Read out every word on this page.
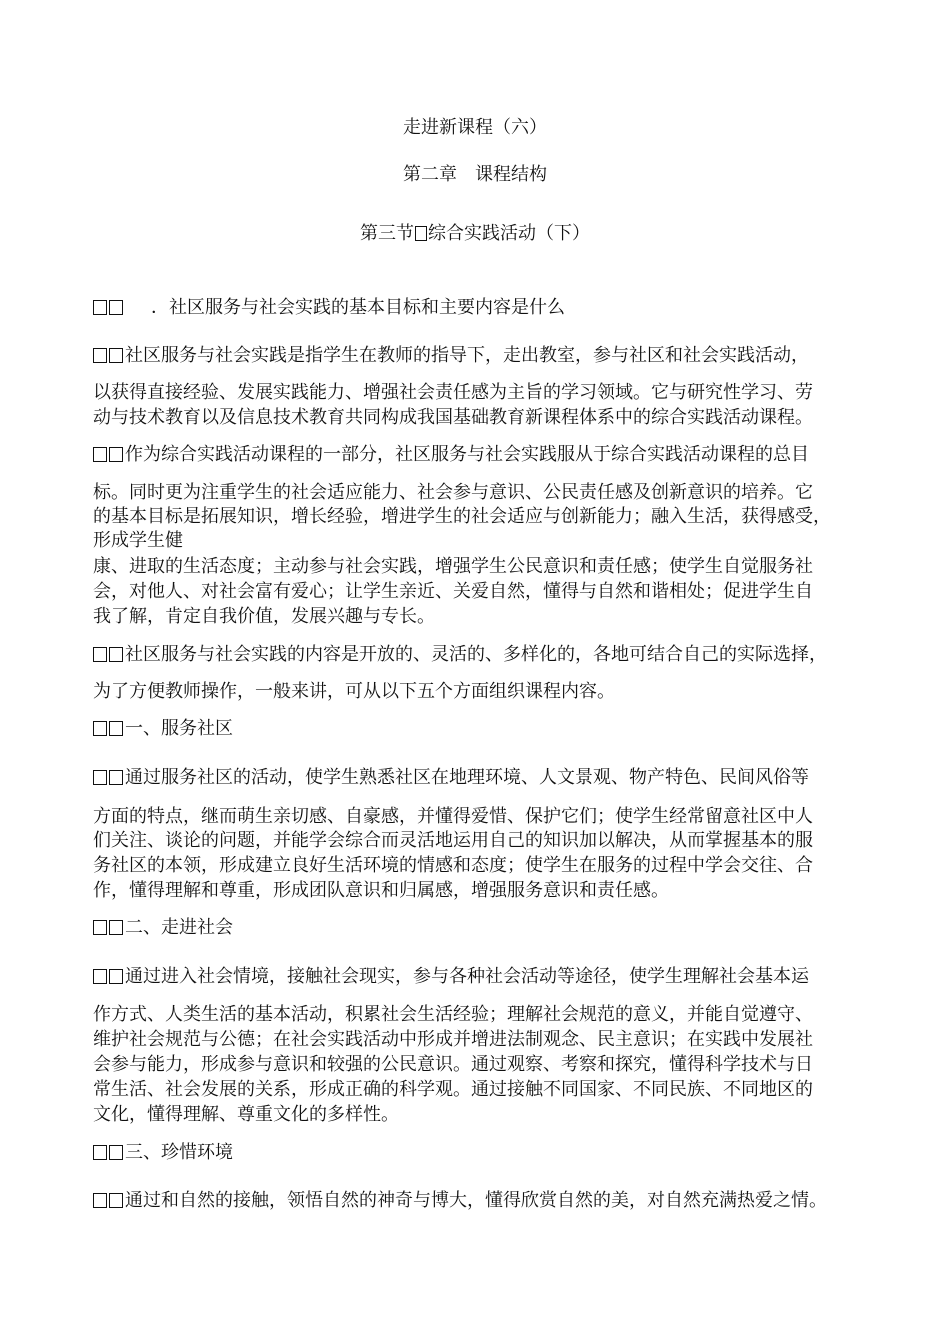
走进新课程（六）
第二章　课程结构
第三节 综合实践活动（下）
．社区服务与社会实践的基本目标和主要内容是什么
社区服务与社会实践是指学生在教师的指导下，走出教室，参与社区和社会实践活动，
以获得直接经验、发展实践能力、增强社会责任感为主旨的学习领域。它与研究性学习、劳
动与技术教育以及信息技术教育共同构成我国基础教育新课程体系中的综合实践活动课程。
作为综合实践活动课程的一部分，社区服务与社会实践服从于综合实践活动课程的总目
标。同时更为注重学生的社会适应能力、社会参与意识、公民责任感及创新意识的培养。它
的基本目标是拓展知识，增长经验，增进学生的社会适应与创新能力；融入生活，获得感受，
形成学生健
康、进取的生活态度；主动参与社会实践，增强学生公民意识和责任感；使学生自觉服务社
会，对他人、对社会富有爱心；让学生亲近、关爱自然，懂得与自然和谐相处；促进学生自
我了解，肯定自我价值，发展兴趣与专长。
社区服务与社会实践的内容是开放的、灵活的、多样化的，各地可结合自己的实际选择，
为了方便教师操作，一般来讲，可从以下五个方面组织课程内容。
一、服务社区
通过服务社区的活动，使学生熟悉社区在地理环境、人文景观、物产特色、民间风俗等
方面的特点，继而萌生亲切感、自豪感，并懂得爱惜、保护它们；使学生经常留意社区中人
们关注、谈论的问题，并能学会综合而灵活地运用自己的知识加以解决，从而掌握基本的服
务社区的本领，形成建立良好生活环境的情感和态度；使学生在服务的过程中学会交往、合
作，懂得理解和尊重，形成团队意识和归属感，增强服务意识和责任感。
二、走进社会
通过进入社会情境，接触社会现实，参与各种社会活动等途径，使学生理解社会基本运
作方式、人类生活的基本活动，积累社会生活经验；理解社会规范的意义，并能自觉遵守、
维护社会规范与公德；在社会实践活动中形成并增进法制观念、民主意识；在实践中发展社
会参与能力，形成参与意识和较强的公民意识。通过观察、考察和探究，懂得科学技术与日
常生活、社会发展的关系，形成正确的科学观。通过接触不同国家、不同民族、不同地区的
文化，懂得理解、尊重文化的多样性。
三、珍惜环境
通过和自然的接触，领悟自然的神奇与博大，懂得欣赏自然的美，对自然充满热爱之情。
